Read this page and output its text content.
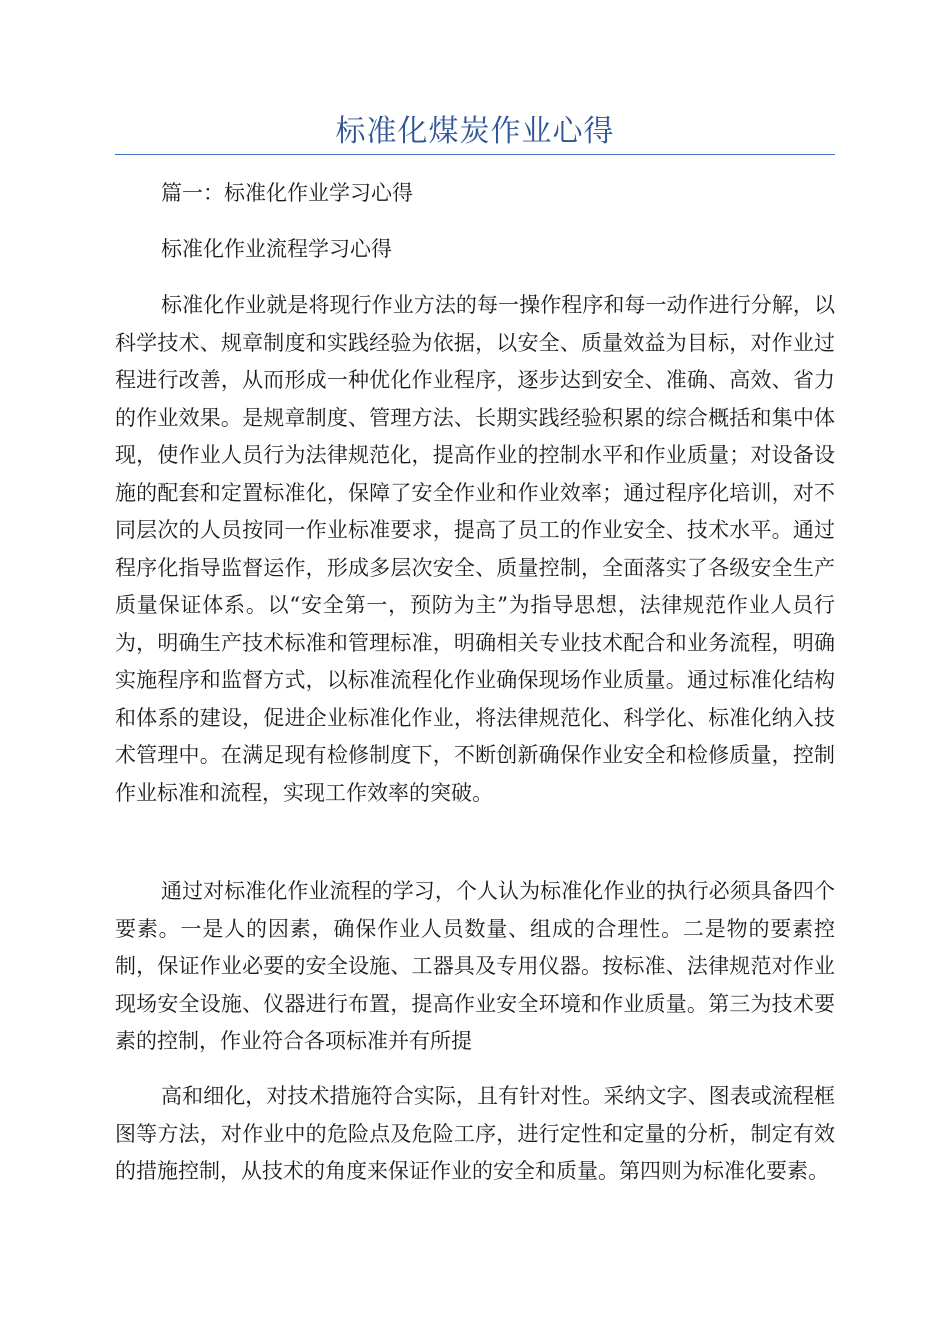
标准化煤炭作业心得

篇一：标准化作业学习心得

标准化作业流程学习心得

标准化作业就是将现行作业方法的每一操作程序和每一动作进行分解，以科学技术、规章制度和实践经验为依据，以安全、质量效益为目标，对作业过程进行改善，从而形成一种优化作业程序，逐步达到安全、准确、高效、省力的作业效果。是规章制度、管理方法、长期实践经验积累的综合概括和集中体现，使作业人员行为法律规范化，提高作业的控制水平和作业质量；对设备设施的配套和定置标准化，保障了安全作业和作业效率；通过程序化培训，对不同层次的人员按同一作业标准要求，提高了员工的作业安全、技术水平。通过程序化指导监督运作，形成多层次安全、质量控制，全面落实了各级安全生产质量保证体系。以“安全第一，预防为主”为指导思想，法律规范作业人员行为，明确生产技术标准和管理标准，明确相关专业技术配合和业务流程，明确实施程序和监督方式，以标准流程化作业确保现场作业质量。通过标准化结构和体系的建设，促进企业标准化作业，将法律规范化、科学化、标准化纳入技术管理中。在满足现有检修制度下，不断创新确保作业安全和检修质量，控制作业标准和流程，实现工作效率的突破。

通过对标准化作业流程的学习，个人认为标准化作业的执行必须具备四个要素。一是人的因素，确保作业人员数量、组成的合理性。二是物的要素控制，保证作业必要的安全设施、工器具及专用仪器。按标准、法律规范对作业现场安全设施、仪器进行布置，提高作业安全环境和作业质量。第三为技术要素的控制，作业符合各项标准并有所提

高和细化，对技术措施符合实际，且有针对性。采纳文字、图表或流程框图等方法，对作业中的危险点及危险工序，进行定性和定量的分析，制定有效的措施控制，从技术的角度来保证作业的安全和质量。第四则为标准化要素。
